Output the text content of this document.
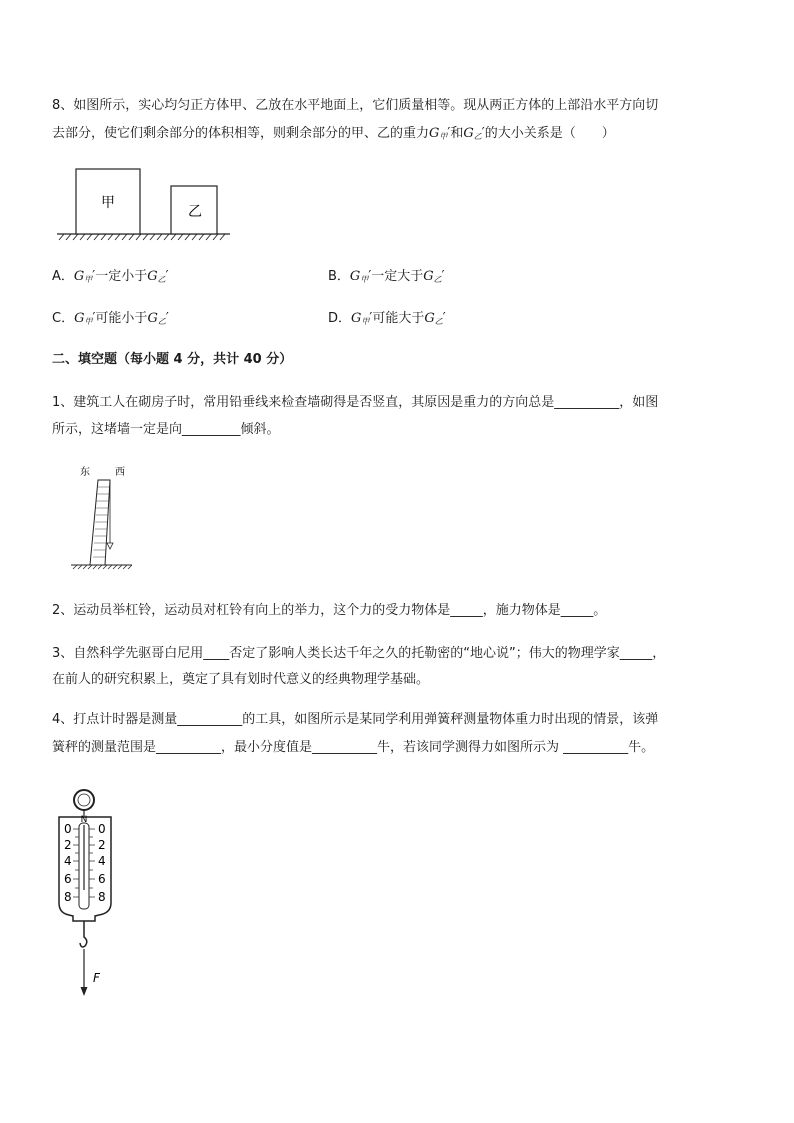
8、如图所示，实心均匀正方体甲、乙放在水平地面上，它们质量相等。现从两正方体的上部沿水平方向切
去部分，使它们剩余部分的体积相等，则剩余部分的甲、乙的重力$G_甲'$和$G_乙'$的大小关系是（　　）
甲
乙
A．$G_甲'$一定小于$G_乙'$	B．$G_甲'$一定大于$G_乙'$
C．$G_甲'$可能小于$G_乙'$	D．$G_甲'$可能大于$G_乙'$
二、填空题（每小题 4 分，共计 40 分）
1、建筑工人在砌房子时，常用铅垂线来检查墙砌得是否竖直，其原因是重力的方向总是__________，如图
所示，这堵墙一定是向_________倾斜。
东	西
2、运动员举杠铃，运动员对杠铃有向上的举力，这个力的受力物体是_____，施力物体是_____。
3、自然科学先驱哥白尼用____否定了影响人类长达千年之久的托勒密的“地心说”；伟大的物理学家_____，
在前人的研究积累上，奠定了具有划时代意义的经典物理学基础。
4、打点计时器是测量__________的工具，如图所示是某同学利用弹簧秤测量物体重力时出现的情景，该弹
簧秤的测量范围是__________，最小分度值是__________牛，若该同学测得力如图所示为 __________牛。
N
0
2
4
6
8
0
2
4
6
8
F
